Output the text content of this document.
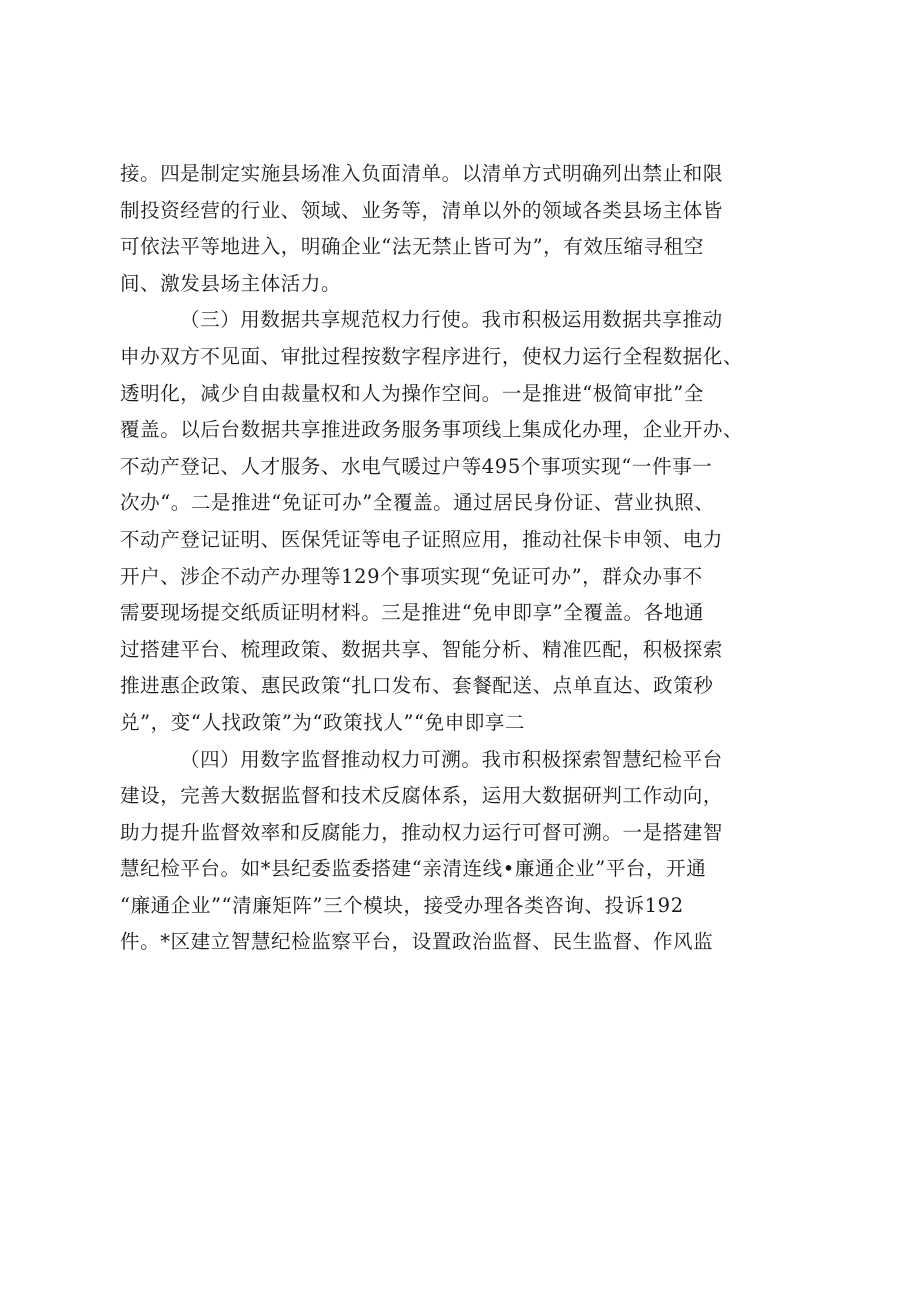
接。四是制定实施县场准入负面清单。以清单方式明确列出禁止和限
制投资经营的行业、领域、业务等，清单以外的领域各类县场主体皆
可依法平等地进入，明确企业“法无禁止皆可为”，有效压缩寻租空
间、激发县场主体活力。
（三）用数据共享规范权力行使。我市积极运用数据共享推动
申办双方不见面、审批过程按数字程序进行，使权力运行全程数据化、
透明化，减少自由裁量权和人为操作空间。一是推进“极简审批”全
覆盖。以后台数据共享推进政务服务事项线上集成化办理，企业开办、
不动产登记、人才服务、水电气暖过户等495个事项实现“一件事一
次办“。二是推进“免证可办”全覆盖。通过居民身份证、营业执照、
不动产登记证明、医保凭证等电子证照应用，推动社保卡申领、电力
开户、涉企不动产办理等129个事项实现“免证可办”，群众办事不
需要现场提交纸质证明材料。三是推进“免申即享”全覆盖。各地通
过搭建平台、梳理政策、数据共享、智能分析、精准匹配，积极探索
推进惠企政策、惠民政策“扎口发布、套餐配送、点单直达、政策秒
兑”，变“人找政策”为“政策找人”“免申即享二
（四）用数字监督推动权力可溯。我市积极探索智慧纪检平台
建设，完善大数据监督和技术反腐体系，运用大数据研判工作动向，
助力提升监督效率和反腐能力，推动权力运行可督可溯。一是搭建智
慧纪检平台。如*县纪委监委搭建“亲清连线•廉通企业”平台，开通
“廉通企业”“清廉矩阵”三个模块，接受办理各类咨询、投诉192
件。*区建立智慧纪检监察平台，设置政治监督、民生监督、作风监
